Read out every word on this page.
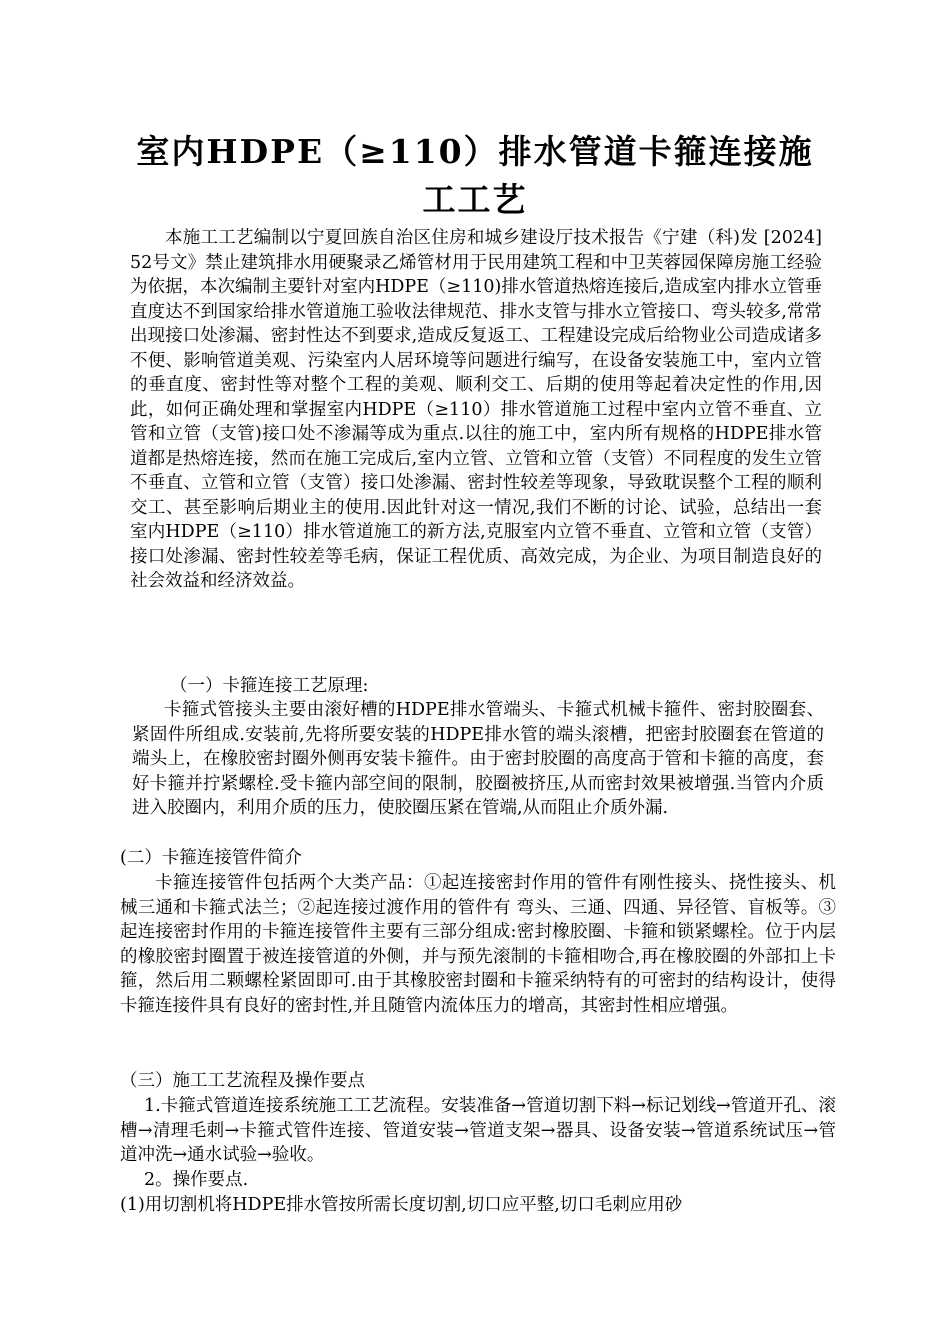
室内HDPE（≥110）排水管道卡箍连接施工工艺
本施工工艺编制以宁夏回族自治区住房和城乡建设厅技术报告《宁建（科)发 [2024]52号文》禁止建筑排水用硬聚录乙烯管材用于民用建筑工程和中卫芙蓉园保障房施工经验为依据，本次编制主要针对室内HDPE（≥110)排水管道热熔连接后,造成室内排水立管垂直度达不到国家给排水管道施工验收法律规范、排水支管与排水立管接口、弯头较多,常常出现接口处渗漏、密封性达不到要求,造成反复返工、工程建设完成后给物业公司造成诸多不便、影响管道美观、污染室内人居环境等问题进行编写，在设备安装施工中，室内立管的垂直度、密封性等对整个工程的美观、顺利交工、后期的使用等起着决定性的作用,因此，如何正确处理和掌握室内HDPE（≥110）排水管道施工过程中室内立管不垂直、立管和立管（支管)接口处不渗漏等成为重点.以往的施工中，室内所有规格的HDPE排水管道都是热熔连接，然而在施工完成后,室内立管、立管和立管（支管）不同程度的发生立管不垂直、立管和立管（支管）接口处渗漏、密封性较差等现象，导致耽误整个工程的顺利交工、甚至影响后期业主的使用.因此针对这一情况,我们不断的讨论、试验，总结出一套室内HDPE（≥110）排水管道施工的新方法,克服室内立管不垂直、立管和立管（支管）接口处渗漏、密封性较差等毛病，保证工程优质、高效完成，为企业、为项目制造良好的社会效益和经济效益。
（一）卡箍连接工艺原理:
卡箍式管接头主要由滚好槽的HDPE排水管端头、卡箍式机械卡箍件、密封胶圈套、紧固件所组成.安装前,先将所要安装的HDPE排水管的端头滚槽，把密封胶圈套在管道的端头上，在橡胶密封圈外侧再安装卡箍件。由于密封胶圈的高度高于管和卡箍的高度，套好卡箍并拧紧螺栓.受卡箍内部空间的限制，胶圈被挤压,从而密封效果被增强.当管内介质进入胶圈内，利用介质的压力，使胶圈压紧在管端,从而阻止介质外漏.
(二）卡箍连接管件简介
卡箍连接管件包括两个大类产品：①起连接密封作用的管件有刚性接头、挠性接头、机械三通和卡箍式法兰；②起连接过渡作用的管件有 弯头、三通、四通、异径管、盲板等。③起连接密封作用的卡箍连接管件主要有三部分组成:密封橡胶圈、卡箍和锁紧螺栓。位于内层的橡胶密封圈置于被连接管道的外侧，并与预先滚制的卡箍相吻合,再在橡胶圈的外部扣上卡箍，然后用二颗螺栓紧固即可.由于其橡胶密封圈和卡箍采纳特有的可密封的结构设计，使得卡箍连接件具有良好的密封性,并且随管内流体压力的增高，其密封性相应增强。
（三）施工工艺流程及操作要点
1.卡箍式管道连接系统施工工艺流程。安装准备→管道切割下料→标记划线→管道开孔、滚槽→清理毛刺→卡箍式管件连接、管道安装→管道支架→器具、设备安装→管道系统试压→管道冲洗→通水试验→验收。
2。操作要点.
(1)用切割机将HDPE排水管按所需长度切割,切口应平整,切口毛刺应用砂
